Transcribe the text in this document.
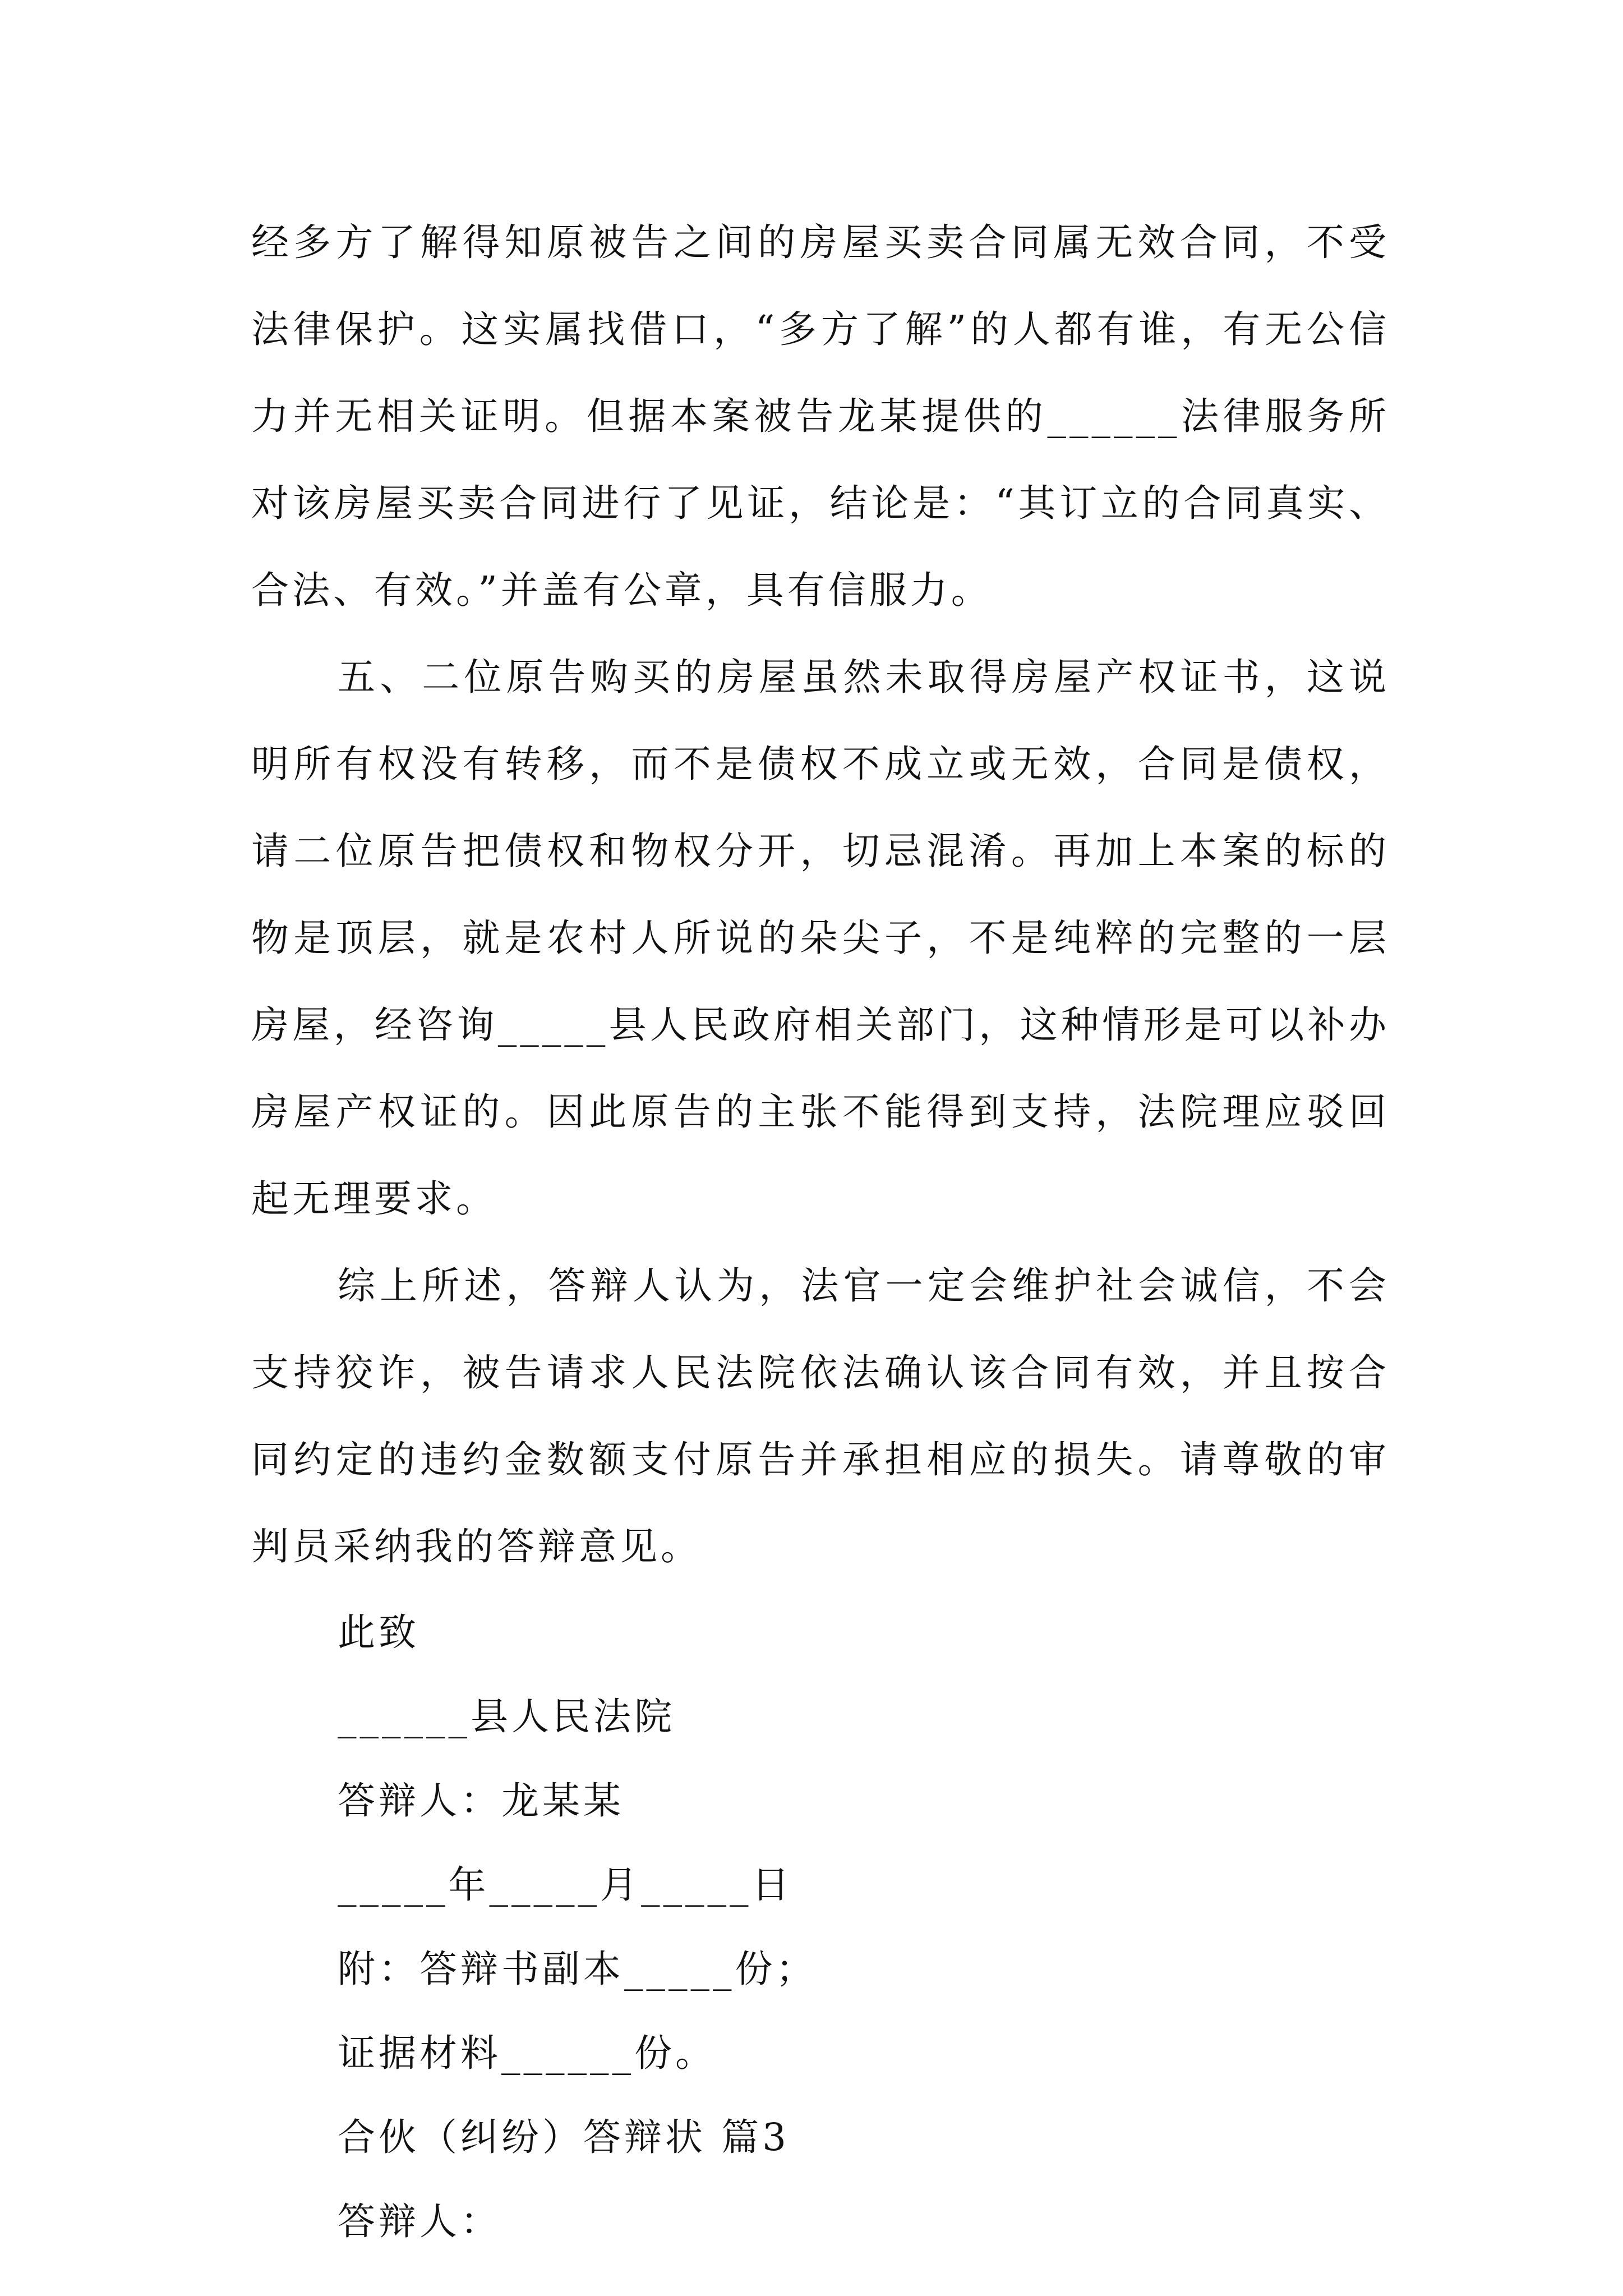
经多方了解得知原被告之间的房屋买卖合同属无效合同，不受法律保护。这实属找借口，“多方了解”的人都有谁，有无公信力并无相关证明。但据本案被告龙某提供的______法律服务所对该房屋买卖合同进行了见证，结论是：“其订立的合同真实、合法、有效。”并盖有公章，具有信服力。

五、二位原告购买的房屋虽然未取得房屋产权证书，这说明所有权没有转移，而不是债权不成立或无效，合同是债权，请二位原告把债权和物权分开，切忌混淆。再加上本案的标的物是顶层，就是农村人所说的朵尖子，不是纯粹的完整的一层房屋，经咨询_____县人民政府相关部门，这种情形是可以补办房屋产权证的。因此原告的主张不能得到支持，法院理应驳回起无理要求。

综上所述，答辩人认为，法官一定会维护社会诚信，不会支持狡诈，被告请求人民法院依法确认该合同有效，并且按合同约定的违约金数额支付原告并承担相应的损失。请尊敬的审判员采纳我的答辩意见。

此致

______县人民法院

答辩人：龙某某

_____年_____月_____日

附：答辩书副本_____份；

证据材料______份。

合伙（纠纷）答辩状 篇3

答辩人：
